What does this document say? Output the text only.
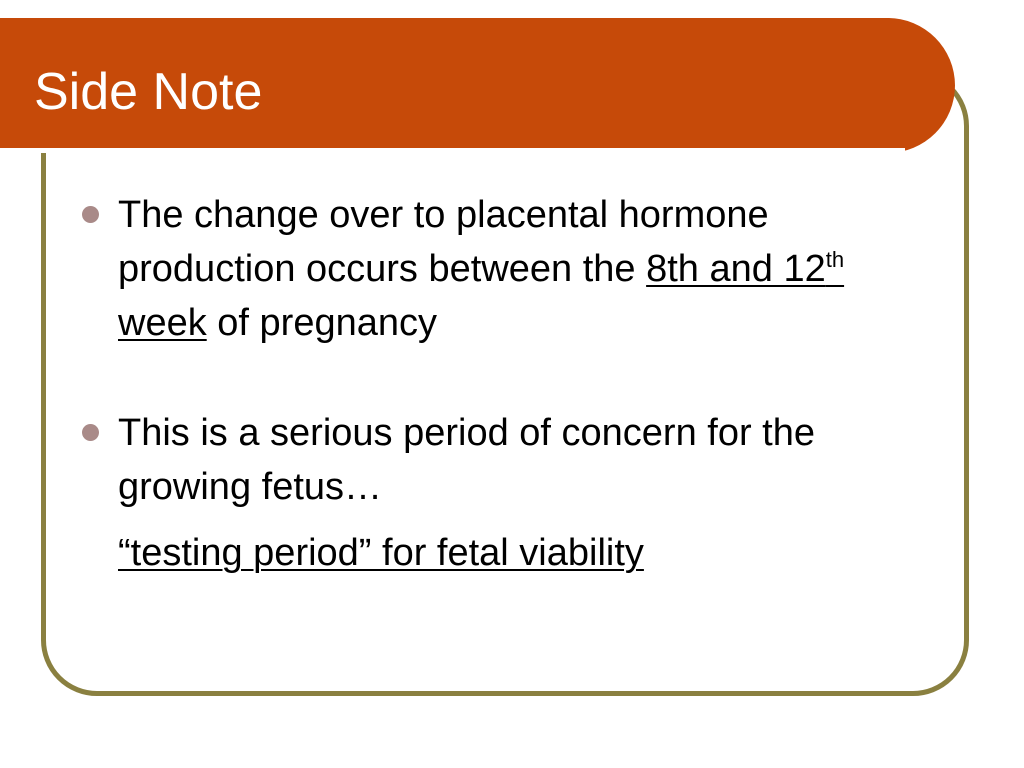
Side Note
The change over to placental hormone production occurs between the 8th and 12th week of pregnancy
This is a serious period of concern for the growing fetus…
“testing period” for fetal viability
